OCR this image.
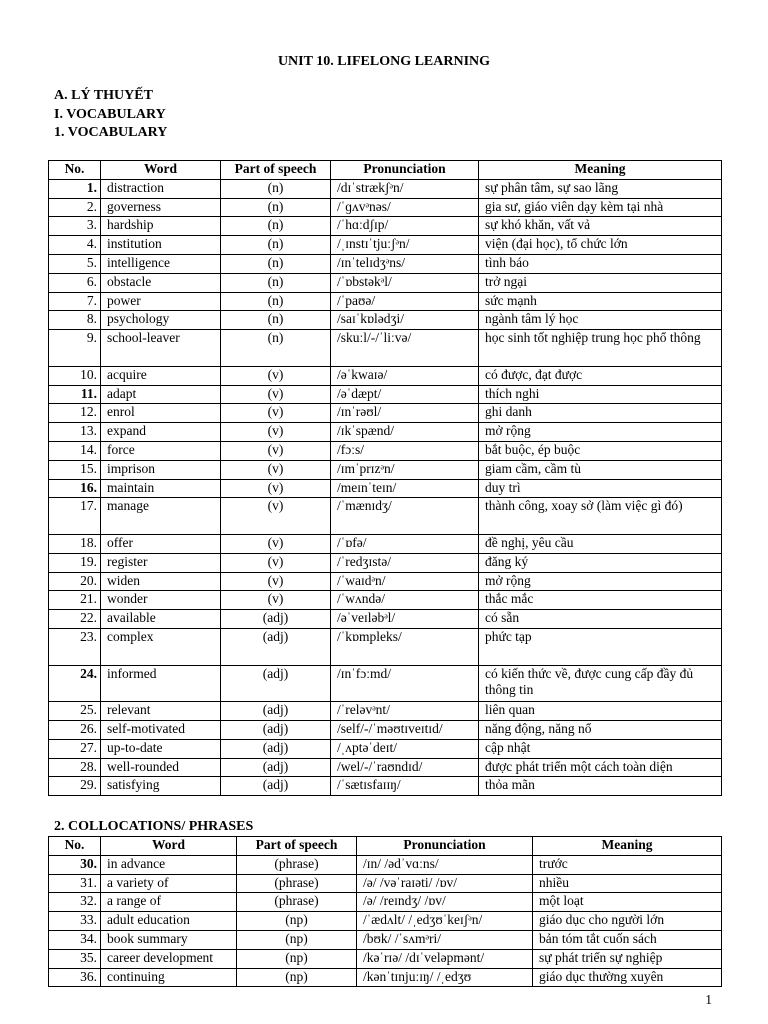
UNIT 10. LIFELONG LEARNING
A. LÝ THUYẾT
I. VOCABULARY
1. VOCABULARY
No.	Word	Part of speech	Pronunciation	Meaning
1.	distraction	(n)	/dɪˈstrækʃᵊn/	sự phân tâm, sự sao lãng
2.	governess	(n)	/ˈɡʌvᵊnəs/	gia sư, giáo viên dạy kèm tại nhà
3.	hardship	(n)	/ˈhɑːdʃɪp/	sự khó khăn, vất vả
4.	institution	(n)	/ˌɪnstɪˈtjuːʃᵊn/	viện (đại học), tổ chức lớn
5.	intelligence	(n)	/ɪnˈtelɪdʒᵊns/	tình báo
6.	obstacle	(n)	/ˈɒbstəkᵊl/	trở ngại
7.	power	(n)	/ˈpaʊə/	sức mạnh
8.	psychology	(n)	/saɪˈkɒlədʒi/	ngành tâm lý học
9.	school-leaver	(n)	/skuːl/-/ˈliːvə/	học sinh tốt nghiệp trung học phổ thông
10.	acquire	(v)	/əˈkwaɪə/	có được, đạt được
11.	adapt	(v)	/əˈdæpt/	thích nghi
12.	enrol	(v)	/ɪnˈrəʊl/	ghi danh
13.	expand	(v)	/ɪkˈspænd/	mở rộng
14.	force	(v)	/fɔːs/	bắt buộc, ép buộc
15.	imprison	(v)	/ɪmˈprɪzᵊn/	giam cầm, cầm tù
16.	maintain	(v)	/meɪnˈteɪn/	duy trì
17.	manage	(v)	/ˈmænɪdʒ/	thành công, xoay sở (làm việc gì đó)
18.	offer	(v)	/ˈɒfə/	đề nghị, yêu cầu
19.	register	(v)	/ˈredʒɪstə/	đăng ký
20.	widen	(v)	/ˈwaɪdᵊn/	mở rộng
21.	wonder	(v)	/ˈwʌndə/	thắc mắc
22.	available	(adj)	/əˈveɪləbᵊl/	có sẵn
23.	complex	(adj)	/ˈkɒmpleks/	phức tạp
24.	informed	(adj)	/ɪnˈfɔːmd/	có kiến thức về, được cung cấp đầy đủ thông tin
25.	relevant	(adj)	/ˈreləvᵊnt/	liên quan
26.	self-motivated	(adj)	/self/-/ˈməʊtɪveɪtɪd/	năng động, năng nổ
27.	up-to-date	(adj)	/ˌʌptəˈdeɪt/	cập nhật
28.	well-rounded	(adj)	/wel/-/ˈraʊndɪd/	được phát triển một cách toàn diện
29.	satisfying	(adj)	/ˈsætɪsfaɪɪŋ/	thỏa mãn
2. COLLOCATIONS/ PHRASES
No.	Word	Part of speech	Pronunciation	Meaning
30.	in advance	(phrase)	/ɪn/ /ədˈvɑːns/	trước
31.	a variety of	(phrase)	/ə/ /vəˈraɪəti/ /ɒv/	nhiều
32.	a range of	(phrase)	/ə/ /reɪndʒ/ /ɒv/	một loạt
33.	adult education	(np)	/ˈædʌlt/ /ˌedʒʊˈkeɪʃᵊn/	giáo dục cho người lớn
34.	book summary	(np)	/bʊk/ /ˈsʌmᵊri/	bản tóm tắt cuốn sách
35.	career development	(np)	/kəˈrɪə/ /dɪˈveləpmənt/	sự phát triển sự nghiệp
36.	continuing	(np)	/kənˈtɪnjuːɪŋ/ /ˌedʒʊ	giáo dục thường xuyên
1
